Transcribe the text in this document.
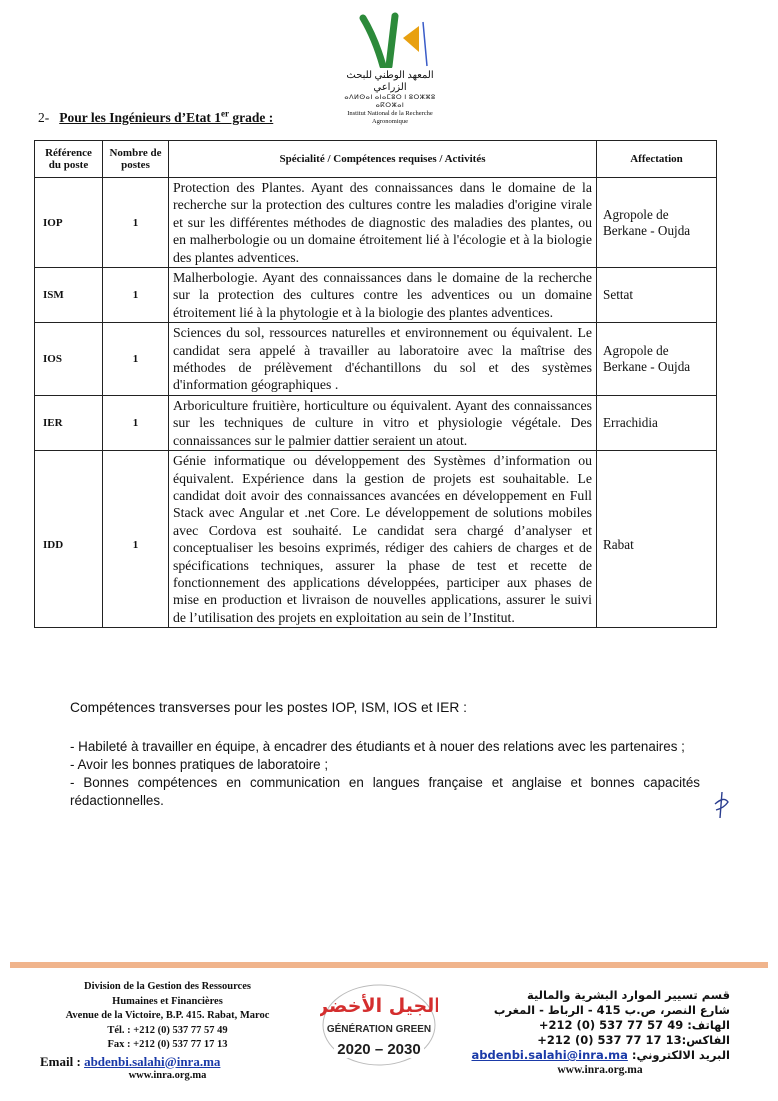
المعهد الوطني للبحث الزراعي
ⴰⴷⵍⵙⴰⵏ ⴰⵏⴰⵎⵓⵔ ⵏ ⵓⵔⵣⵣⵓ ⴰⴽⵔⵣⴰⵏ
Institut National de la Recherche Agronomique
2- Pour les Ingénieurs d’Etat 1er grade :
Référence du poste	Nombre de postes	Spécialité / Compétences requises / Activités	Affectation
IOP	1	Protection des Plantes. Ayant des connaissances dans le domaine de la recherche sur la protection des cultures contre les maladies d'origine virale et sur les différentes méthodes de diagnostic des maladies des plantes, ou en malherbologie ou un domaine étroitement lié à l'écologie et à la biologie des plantes adventices.	Agropole de Berkane - Oujda
ISM	1	Malherbologie. Ayant des connaissances dans le domaine de la recherche sur la protection des cultures contre les adventices ou un domaine étroitement lié à la phytologie et à la biologie des plantes adventices.	Settat
IOS	1	Sciences du sol, ressources naturelles et environnement ou équivalent. Le candidat sera appelé à travailler au laboratoire avec la maîtrise des méthodes de prélèvement d'échantillons du sol et des systèmes d'information géographiques .	Agropole de Berkane - Oujda
IER	1	Arboriculture fruitière, horticulture ou équivalent. Ayant des connaissances sur les techniques de culture in vitro et physiologie végétale. Des connaissances sur le palmier dattier seraient un atout.	Errachidia
IDD	1	Génie informatique ou développement des Systèmes d’information ou équivalent. Expérience dans la gestion de projets est souhaitable. Le candidat doit avoir des connaissances avancées en développement en Full Stack avec Angular et .net Core. Le développement de solutions mobiles avec Cordova est souhaité. Le candidat sera chargé d’analyser et conceptualiser les besoins exprimés, rédiger des cahiers de charges et de spécifications techniques, assurer la phase de test et recette de fonctionnement des applications développées, participer aux phases de mise en production et livraison de nouvelles applications, assurer le suivi de l’utilisation des projets en exploitation au sein de l’Institut.	Rabat
Compétences transverses pour les postes IOP, ISM, IOS et IER :
- Habileté à travailler en équipe, à encadrer des étudiants et à nouer des relations avec les partenaires ;
- Avoir les bonnes pratiques de laboratoire ;
- Bonnes compétences en communication en langues française et anglaise et bonnes capacités rédactionnelles.
Division de la Gestion des Ressources
Humaines et Financières
Avenue de la Victoire, B.P. 415. Rabat, Maroc
Tél. : +212 (0) 537 77 57 49
Fax : +212 (0) 537 77 17 13
Email : abdenbi.salahi@inra.ma
www.inra.org.ma
الجيل الأخضر
GÉNÉRATION GREEN
2020 – 2030
قسم تسيير الموارد البشرية والمالية
شارع النصر، ص.ب 415 - الرباط - المغرب
الهاتف: 49 57 77 537 (0) 212+
الفاكس:13 17 77 537 (0) 212+
البريد الالكتروني: abdenbi.salahi@inra.ma
www.inra.org.ma
